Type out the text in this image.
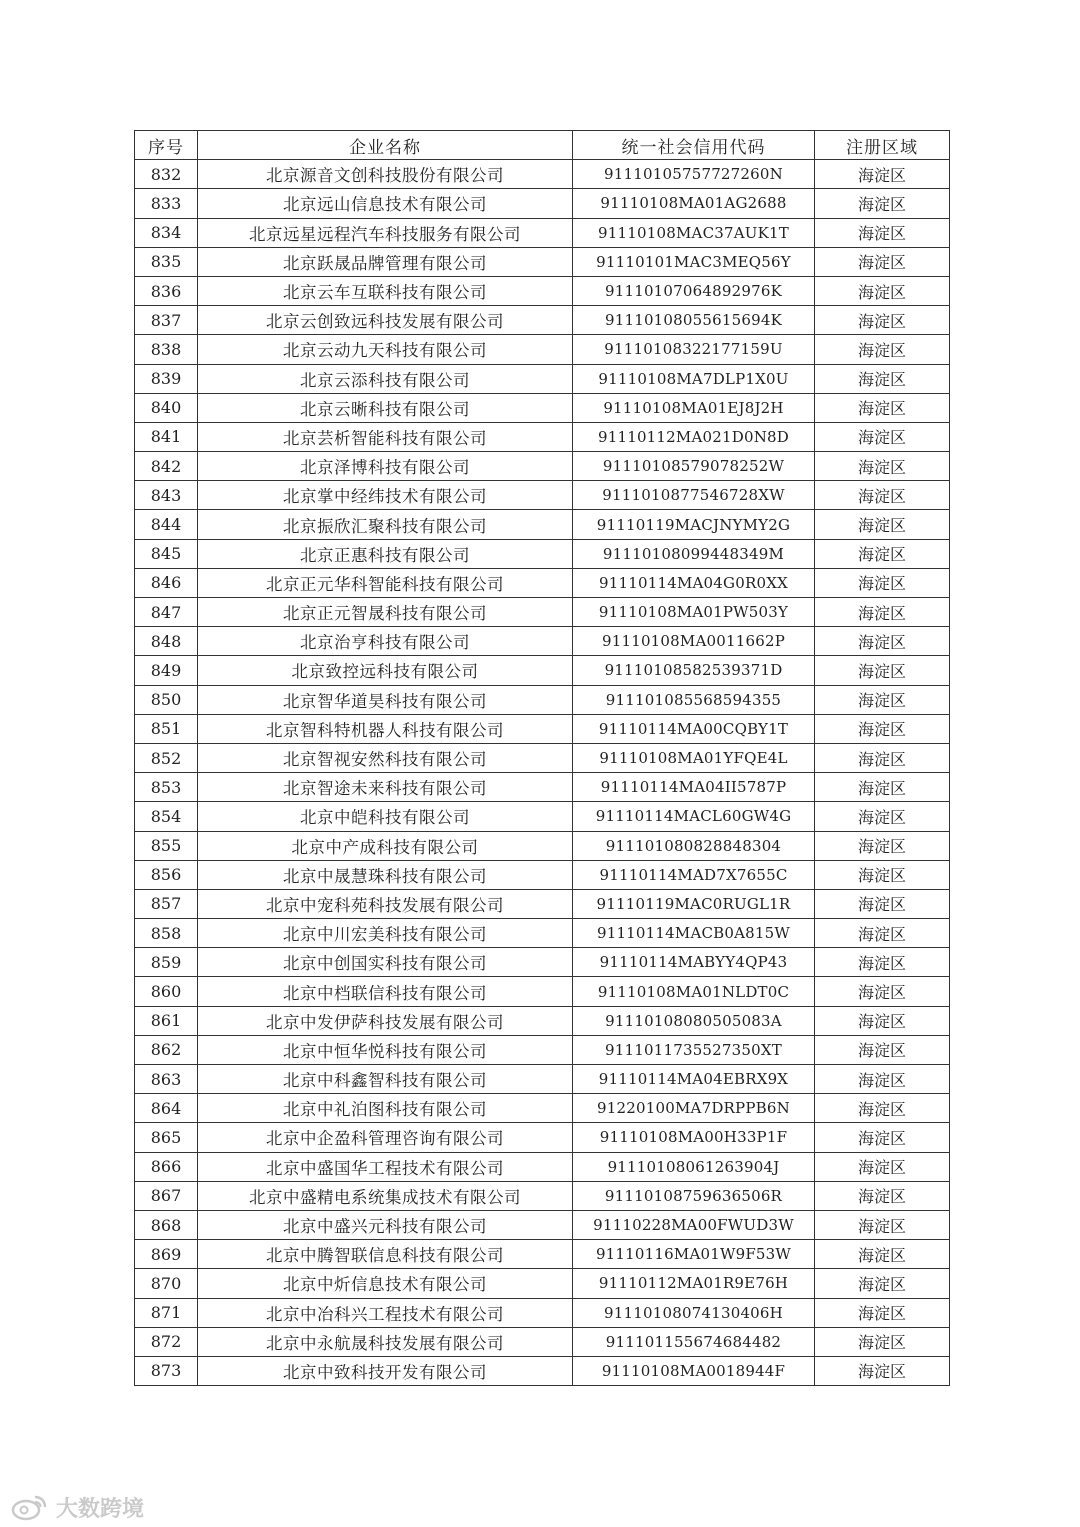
序号	企业名称	统一社会信用代码	注册区域
832	北京源音文创科技股份有限公司	91110105757727260N	海淀区
833	北京远山信息技术有限公司	91110108MA01AG2688	海淀区
834	北京远星远程汽车科技服务有限公司	91110108MAC37AUK1T	海淀区
835	北京跃晟品牌管理有限公司	91110101MAC3MEQ56Y	海淀区
836	北京云车互联科技有限公司	91110107064892976K	海淀区
837	北京云创致远科技发展有限公司	91110108055615694K	海淀区
838	北京云动九天科技有限公司	91110108322177159U	海淀区
839	北京云添科技有限公司	91110108MA7DLP1X0U	海淀区
840	北京云晰科技有限公司	91110108MA01EJ8J2H	海淀区
841	北京芸析智能科技有限公司	91110112MA021D0N8D	海淀区
842	北京泽博科技有限公司	91110108579078252W	海淀区
843	北京掌中经纬技术有限公司	9111010877546728XW	海淀区
844	北京振欣汇聚科技有限公司	91110119MACJNYMY2G	海淀区
845	北京正惠科技有限公司	91110108099448349M	海淀区
846	北京正元华科智能科技有限公司	91110114MA04G0R0XX	海淀区
847	北京正元智晟科技有限公司	91110108MA01PW503Y	海淀区
848	北京治亨科技有限公司	91110108MA0011662P	海淀区
849	北京致控远科技有限公司	91110108582539371D	海淀区
850	北京智华道昊科技有限公司	911101085568594355	海淀区
851	北京智科特机器人科技有限公司	91110114MA00CQBY1T	海淀区
852	北京智视安然科技有限公司	91110108MA01YFQE4L	海淀区
853	北京智途未来科技有限公司	91110114MA04II5787P	海淀区
854	北京中皑科技有限公司	91110114MACL60GW4G	海淀区
855	北京中产成科技有限公司	911101080828848304	海淀区
856	北京中晟慧珠科技有限公司	91110114MAD7X7655C	海淀区
857	北京中宠科苑科技发展有限公司	91110119MAC0RUGL1R	海淀区
858	北京中川宏美科技有限公司	91110114MACB0A815W	海淀区
859	北京中创国实科技有限公司	91110114MABYY4QP43	海淀区
860	北京中档联信科技有限公司	91110108MA01NLDT0C	海淀区
861	北京中发伊萨科技发展有限公司	91110108080505083A	海淀区
862	北京中恒华悦科技有限公司	9111011735527350XT	海淀区
863	北京中科鑫智科技有限公司	91110114MA04EBRX9X	海淀区
864	北京中礼泊图科技有限公司	91220100MA7DRPPB6N	海淀区
865	北京中企盈科管理咨询有限公司	91110108MA00H33P1F	海淀区
866	北京中盛国华工程技术有限公司	91110108061263904J	海淀区
867	北京中盛精电系统集成技术有限公司	91110108759636506R	海淀区
868	北京中盛兴元科技有限公司	91110228MA00FWUD3W	海淀区
869	北京中腾智联信息科技有限公司	91110116MA01W9F53W	海淀区
870	北京中炘信息技术有限公司	91110112MA01R9E76H	海淀区
871	北京中冶科兴工程技术有限公司	91110108074130406H	海淀区
872	北京中永航晟科技发展有限公司	911101155674684482	海淀区
873	北京中致科技开发有限公司	91110108MA0018944F	海淀区
大数跨境
